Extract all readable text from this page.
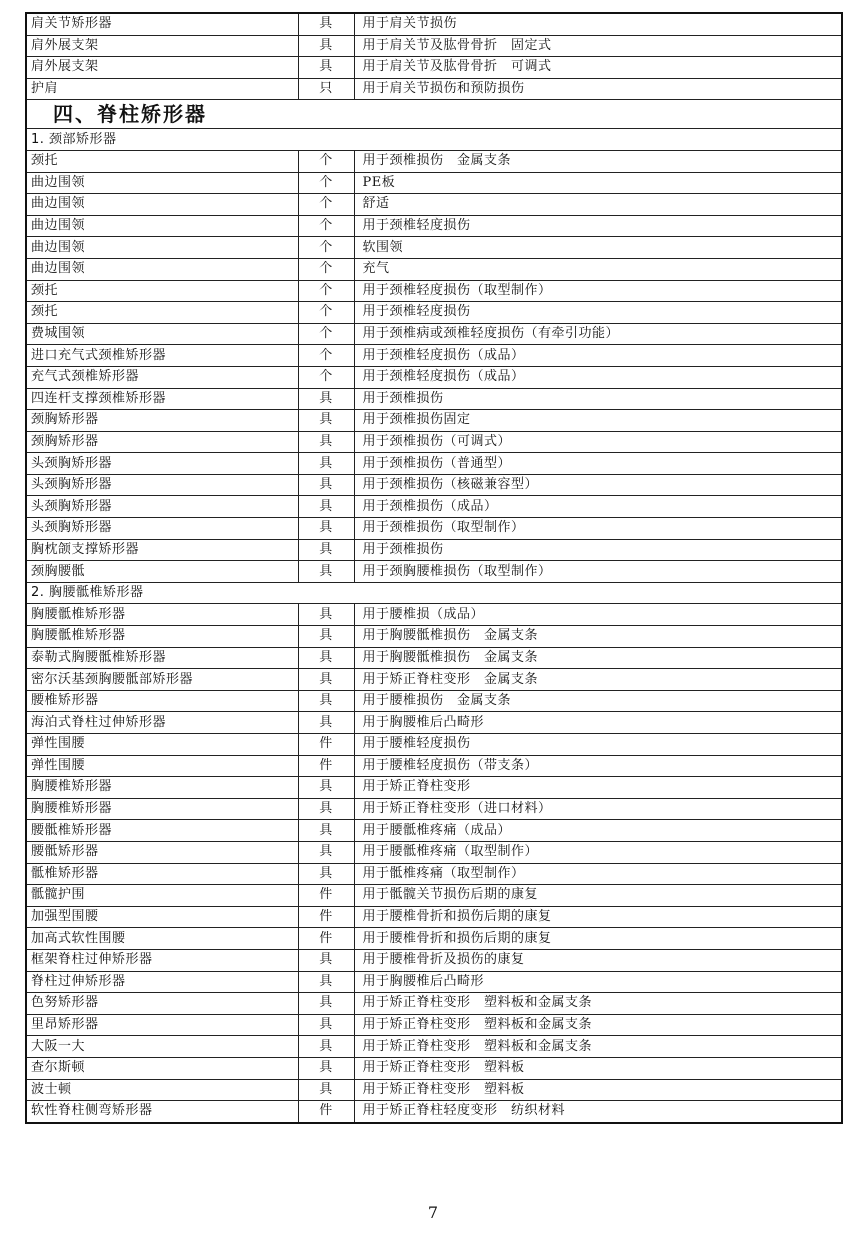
肩关节矫形器	具	用于肩关节损伤
肩外展支架	具	用于肩关节及肱骨骨折　固定式
肩外展支架	具	用于肩关节及肱骨骨折　可调式
护肩	只	用于肩关节损伤和预防损伤
四、脊柱矫形器		
1. 颈部矫形器		
颈托	个	用于颈椎损伤　金属支条
曲边围领	个	PE板
曲边围领	个	舒适
曲边围领	个	用于颈椎轻度损伤
曲边围领	个	软围领
曲边围领	个	充气
颈托	个	用于颈椎轻度损伤（取型制作）
颈托	个	用于颈椎轻度损伤
费城围领	个	用于颈椎病或颈椎轻度损伤（有牵引功能）
进口充气式颈椎矫形器	个	用于颈椎轻度损伤（成品）
充气式颈椎矫形器	个	用于颈椎轻度损伤（成品）
四连杆支撑颈椎矫形器	具	用于颈椎损伤
颈胸矫形器	具	用于颈椎损伤固定
颈胸矫形器	具	用于颈椎损伤（可调式）
头颈胸矫形器	具	用于颈椎损伤（普通型）
头颈胸矫形器	具	用于颈椎损伤（核磁兼容型）
头颈胸矫形器	具	用于颈椎损伤（成品）
头颈胸矫形器	具	用于颈椎损伤（取型制作）
胸枕颌支撑矫形器	具	用于颈椎损伤
颈胸腰骶	具	用于颈胸腰椎损伤（取型制作）
2. 胸腰骶椎矫形器		
胸腰骶椎矫形器	具	用于腰椎损（成品）
胸腰骶椎矫形器	具	用于胸腰骶椎损伤　金属支条
泰勒式胸腰骶椎矫形器	具	用于胸腰骶椎损伤　金属支条
密尔沃基颈胸腰骶部矫形器	具	用于矫正脊柱变形　金属支条
腰椎矫形器	具	用于腰椎损伤　金属支条
海泊式脊柱过伸矫形器	具	用于胸腰椎后凸畸形
弹性围腰	件	用于腰椎轻度损伤
弹性围腰	件	用于腰椎轻度损伤（带支条）
胸腰椎矫形器	具	用于矫正脊柱变形
胸腰椎矫形器	具	用于矫正脊柱变形（进口材料）
腰骶椎矫形器	具	用于腰骶椎疼痛（成品）
腰骶矫形器	具	用于腰骶椎疼痛（取型制作）
骶椎矫形器	具	用于骶椎疼痛（取型制作）
骶髋护围	件	用于骶髋关节损伤后期的康复
加强型围腰	件	用于腰椎骨折和损伤后期的康复
加高式软性围腰	件	用于腰椎骨折和损伤后期的康复
框架脊柱过伸矫形器	具	用于腰椎骨折及损伤的康复
脊柱过伸矫形器	具	用于胸腰椎后凸畸形
色努矫形器	具	用于矫正脊柱变形　塑料板和金属支条
里昂矫形器	具	用于矫正脊柱变形　塑料板和金属支条
大阪一大	具	用于矫正脊柱变形　塑料板和金属支条
查尔斯顿	具	用于矫正脊柱变形　塑料板
波士顿	具	用于矫正脊柱变形　塑料板
软性脊柱侧弯矫形器	件	用于矫正脊柱轻度变形　纺织材料
7
